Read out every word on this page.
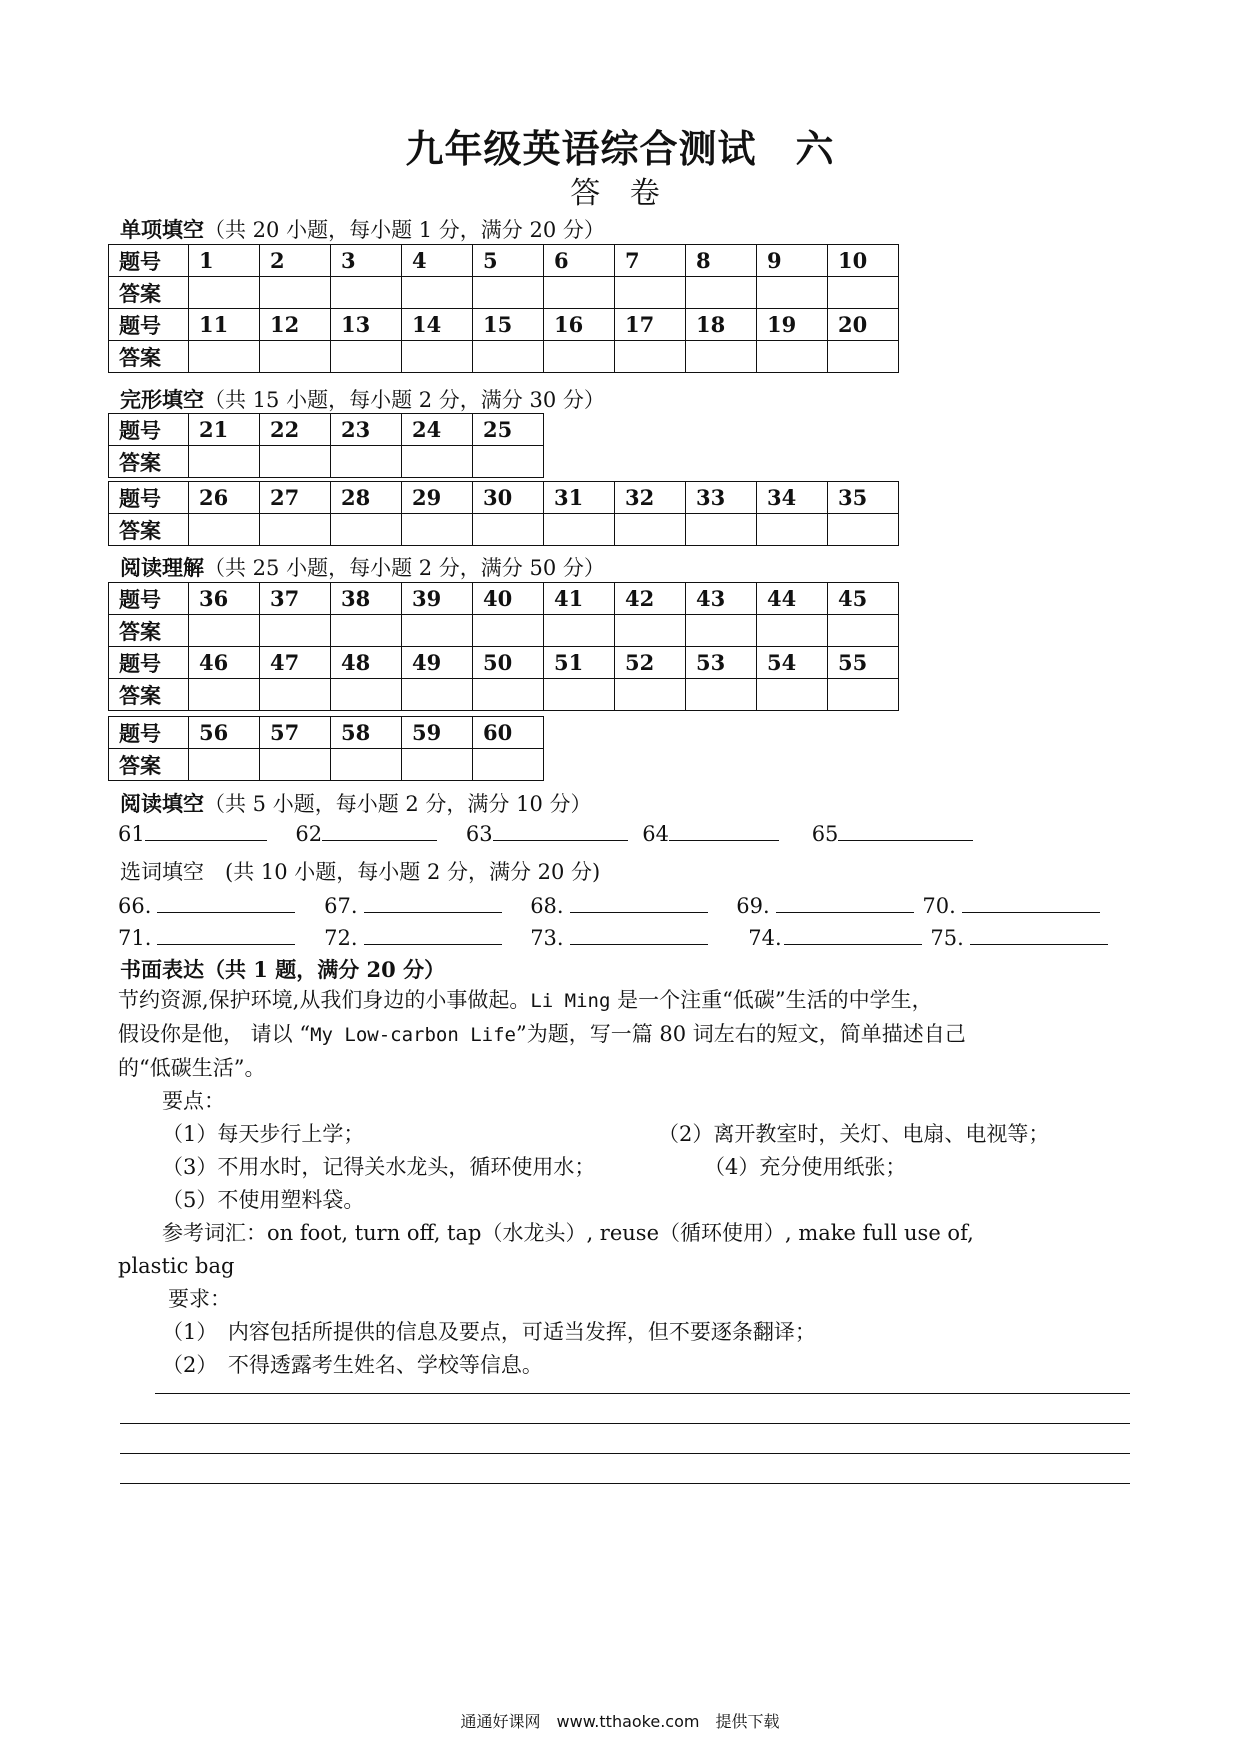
九年级英语综合测试　六
答 卷
单项填空（共 20 小题，每小题 1 分，满分 20 分）
题号	1	2	3	4	5	6	7	8	9	10
答案										
题号	11	12	13	14	15	16	17	18	19	20
答案										
完形填空（共 15 小题，每小题 2 分，满分 30 分）
题号	21	22	23	24	25
答案					
题号	26	27	28	29	30	31	32	33	34	35
答案										
阅读理解（共 25 小题，每小题 2 分，满分 50 分）
题号	36	37	38	39	40	41	42	43	44	45
答案										
题号	46	47	48	49	50	51	52	53	54	55
答案										
题号	56	57	58	59	60
答案					
阅读填空（共 5 小题，每小题 2 分，满分 10 分）
61	62	63	64	65
选词填空　(共 10 小题，每小题 2 分，满分 20 分)
66.	67.	68.	69.	70.
71.	72.	73.	74.	75.
书面表达（共 1 题，满分 20 分）
节约资源,保护环境,从我们身边的小事做起。Li Ming 是一个注重“低碳”生活的中学生，
假设你是他， 请以 “My Low-carbon Life”为题，写一篇 80 词左右的短文，简单描述自己
的“低碳生活”。
要点：
（1）每天步行上学；	（2）离开教室时，关灯、电扇、电视等；
（3）不用水时，记得关水龙头，循环使用水；	（4）充分使用纸张；
（5）不使用塑料袋。
参考词汇：on foot, turn off, tap（水龙头）, reuse（循环使用）, make full use of,
plastic bag
要求：
（1）　内容包括所提供的信息及要点，可适当发挥，但不要逐条翻译；
（2）　不得透露考生姓名、学校等信息。
通通好课网　www.tthaoke.com　提供下载
